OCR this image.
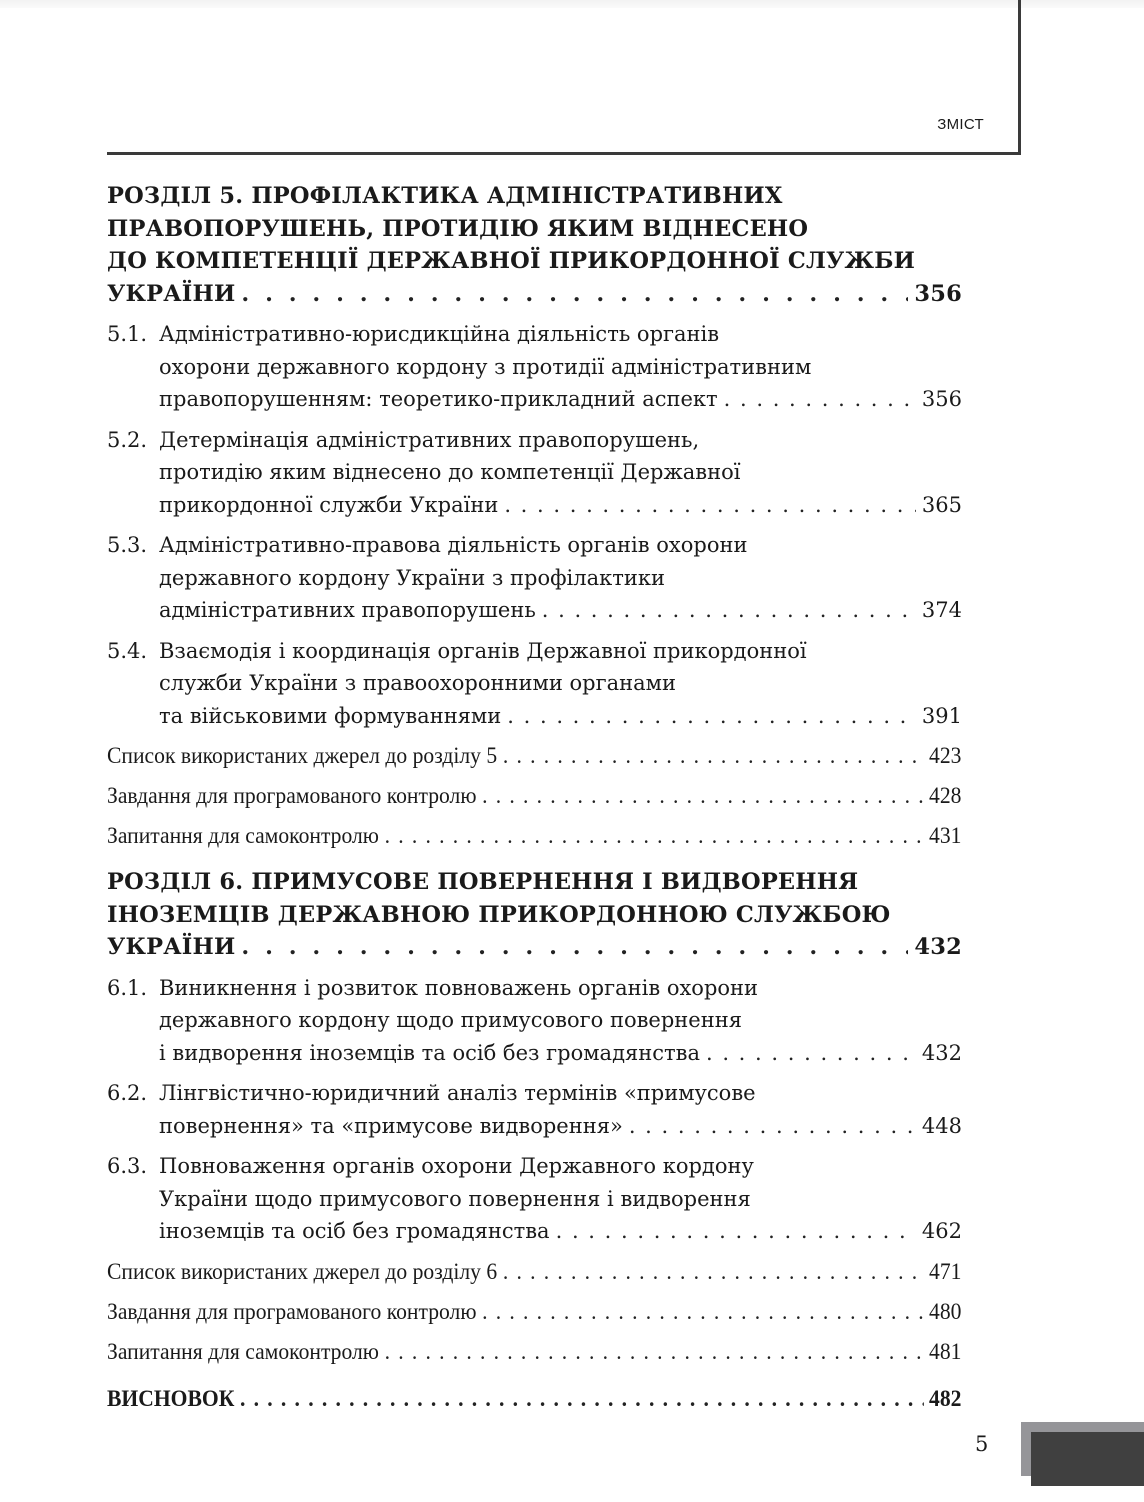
ЗМІСТ
РОЗДІЛ 5. ПРОФІЛАКТИКА АДМІНІСТРАТИВНИХ
ПРАВОПОРУШЕНЬ, ПРОТИДІЮ ЯКИМ ВІДНЕСЕНО
ДО КОМПЕТЕНЦІЇ ДЕРЖАВНОЇ ПРИКОРДОННОЇ СЛУЖБИ
УКРАЇНИ . . .	356
5.1. Адміністративно-юрисдикційна діяльність органів
охорони державного кордону з протидії адміністративним
правопорушенням: теоретико-прикладний аспект . . .	356
5.2. Детермінація адміністративних правопорушень,
протидію яким віднесено до компетенції Державної
прикордонної служби України . . .	365
5.3. Адміністративно-правова діяльність органів охорони
державного кордону України з профілактики
адміністративних правопорушень . . .	374
5.4. Взаємодія і координація органів Державної прикордонної
служби України з правоохоронними органами
та військовими формуваннями . . .	391
Список використаних джерел до розділу 5 . . .	423
Завдання для програмованого контролю . . .	428
Запитання для самоконтролю . . .	431
РОЗДІЛ 6. ПРИМУСОВЕ ПОВЕРНЕННЯ І ВИДВОРЕННЯ
ІНОЗЕМЦІВ ДЕРЖАВНОЮ ПРИКОРДОННОЮ СЛУЖБОЮ
УКРАЇНИ . . .	432
6.1. Виникнення і розвиток повноважень органів охорони
державного кордону щодо примусового повернення
і видворення іноземців та осіб без громадянства . . .	432
6.2. Лінгвістично-юридичний аналіз термінів «примусове
повернення» та «примусове видворення» . . .	448
6.3. Повноваження органів охорони Державного кордону
України щодо примусового повернення і видворення
іноземців та осіб без громадянства . . .	462
Список використаних джерел до розділу 6 . . .	471
Завдання для програмованого контролю . . .	480
Запитання для самоконтролю . . .	481
ВИСНОВОК . . .	482
5
